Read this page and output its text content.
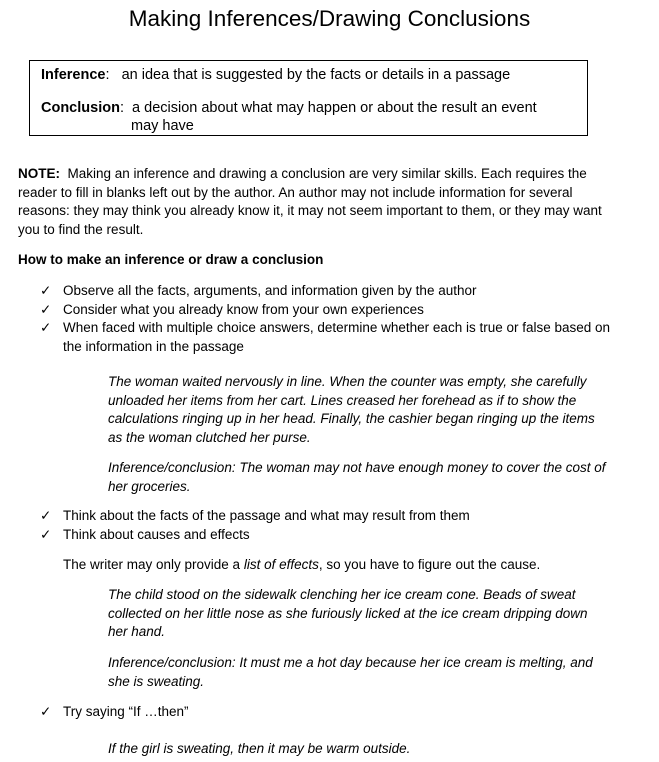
Making Inferences/Drawing Conclusions
Inference: an idea that is suggested by the facts or details in a passage
Conclusion: a decision about what may happen or about the result an event
may have

NOTE: Making an inference and drawing a conclusion are very similar skills. Each requires the reader to fill in blanks left out by the author. An author may not include information for several reasons: they may think you already know it, it may not seem important to them, or they may want you to find the result.

How to make an inference or draw a conclusion

✓ Observe all the facts, arguments, and information given by the author
✓ Consider what you already know from your own experiences
✓ When faced with multiple choice answers, determine whether each is true or false based on the information in the passage

The woman waited nervously in line. When the counter was empty, she carefully unloaded her items from her cart. Lines creased her forehead as if to show the calculations ringing up in her head. Finally, the cashier began ringing up the items as the woman clutched her purse.

Inference/conclusion: The woman may not have enough money to cover the cost of her groceries.

✓ Think about the facts of the passage and what may result from them
✓ Think about causes and effects

The writer may only provide a list of effects, so you have to figure out the cause.

The child stood on the sidewalk clenching her ice cream cone. Beads of sweat collected on her little nose as she furiously licked at the ice cream dripping down her hand.

Inference/conclusion: It must me a hot day because her ice cream is melting, and she is sweating.

✓ Try saying “If …then”

If the girl is sweating, then it may be warm outside.
